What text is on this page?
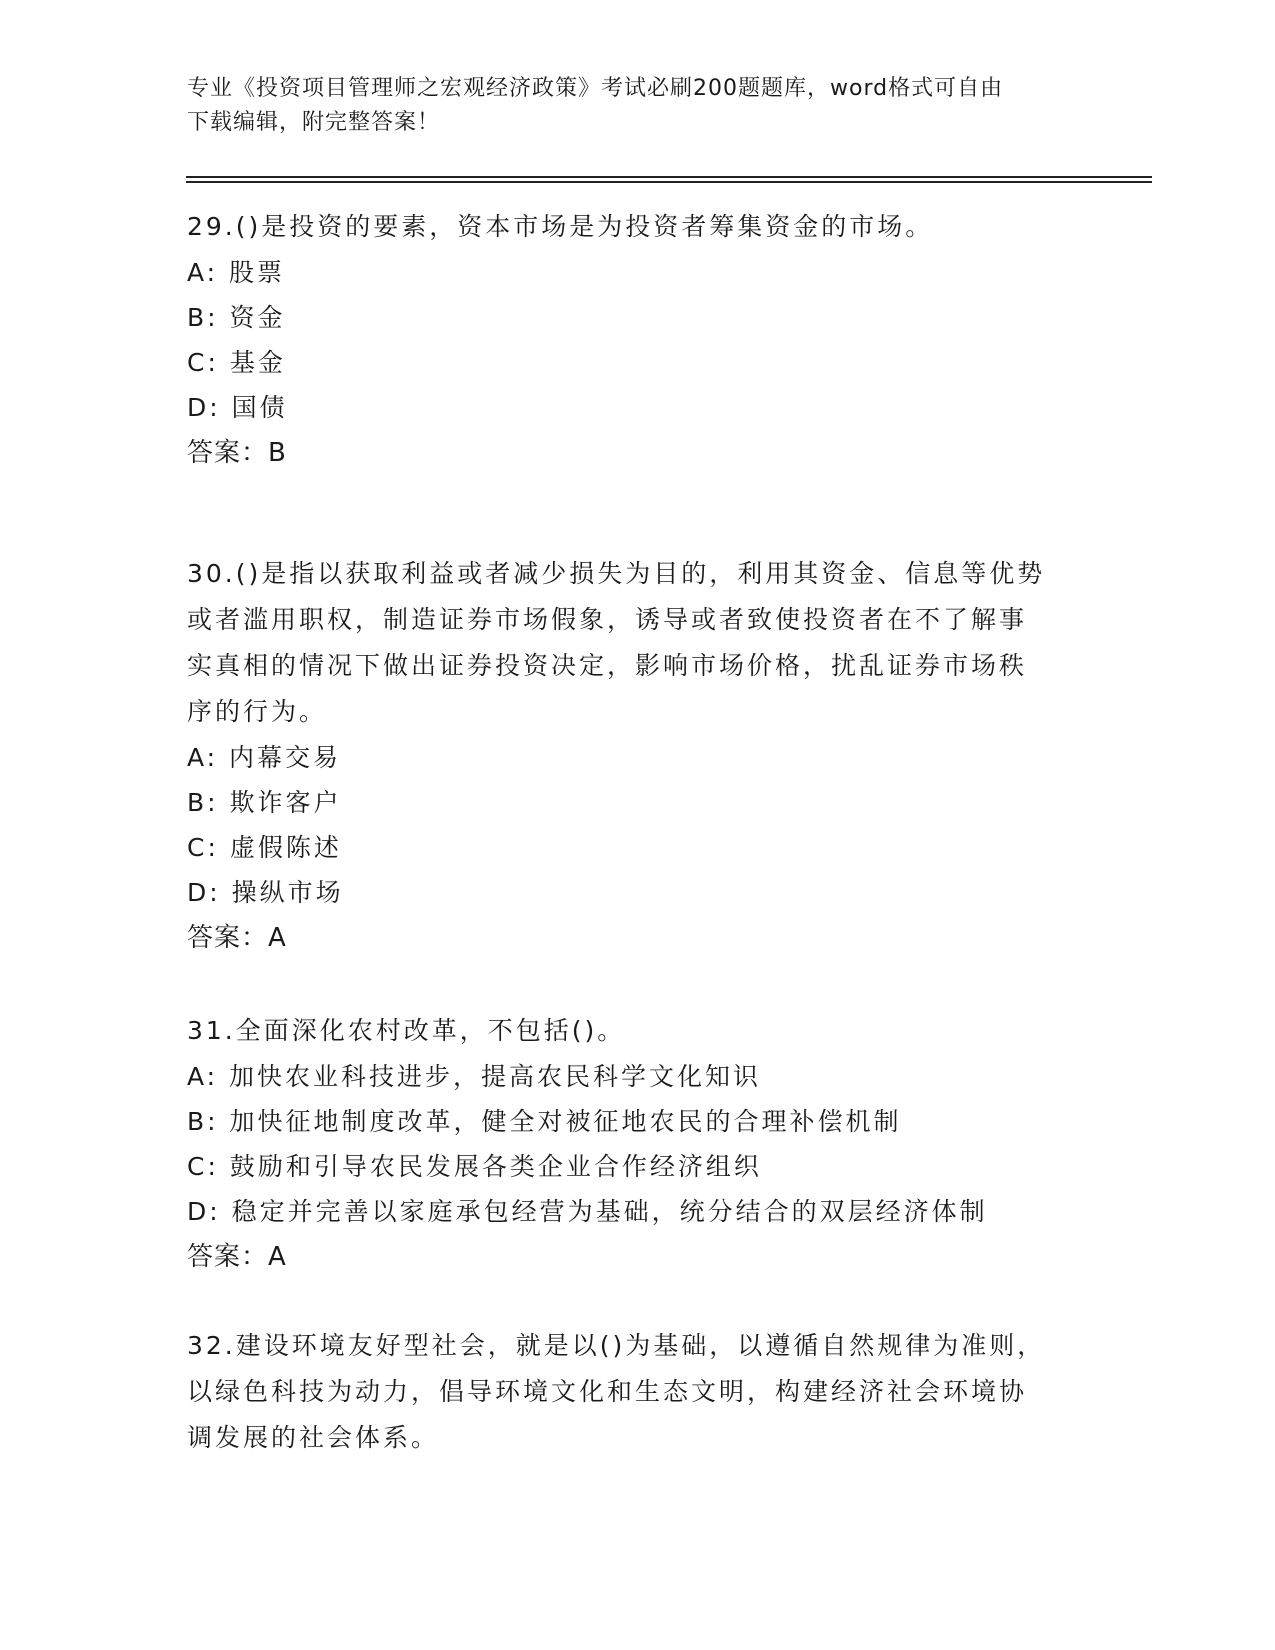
专业《投资项目管理师之宏观经济政策》考试必刷200题题库，word格式可自由
下载编辑，附完整答案！

29.()是投资的要素，资本市场是为投资者筹集资金的市场。

A: 股票

B: 资金

C: 基金

D: 国债

答案：B

30.()是指以获取利益或者减少损失为目的，利用其资金、信息等优势

或者滥用职权，制造证券市场假象，诱导或者致使投资者在不了解事

实真相的情况下做出证券投资决定，影响市场价格，扰乱证券市场秩

序的行为。

A: 内幕交易

B: 欺诈客户

C: 虚假陈述

D: 操纵市场

答案：A

31.全面深化农村改革，不包括()。

A: 加快农业科技进步，提高农民科学文化知识

B: 加快征地制度改革，健全对被征地农民的合理补偿机制

C: 鼓励和引导农民发展各类企业合作经济组织

D: 稳定并完善以家庭承包经营为基础，统分结合的双层经济体制

答案：A

32.建设环境友好型社会，就是以()为基础，以遵循自然规律为准则，

以绿色科技为动力，倡导环境文化和生态文明，构建经济社会环境协

调发展的社会体系。
